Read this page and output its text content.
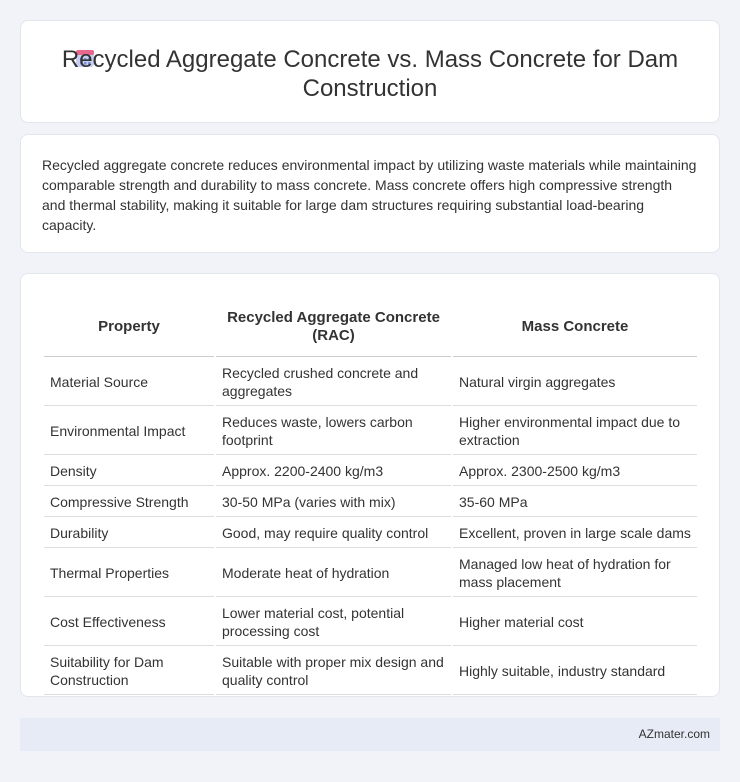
Recycled Aggregate Concrete vs. Mass Concrete for Dam Construction

Recycled aggregate concrete reduces environmental impact by utilizing waste materials while maintaining comparable strength and durability to mass concrete. Mass concrete offers high compressive strength and thermal stability, making it suitable for large dam structures requiring substantial load-bearing capacity.

Property	Recycled Aggregate Concrete (RAC)	Mass Concrete
Material Source	Recycled crushed concrete and aggregates	Natural virgin aggregates
Environmental Impact	Reduces waste, lowers carbon footprint	Higher environmental impact due to extraction
Density	Approx. 2200-2400 kg/m3	Approx. 2300-2500 kg/m3
Compressive Strength	30-50 MPa (varies with mix)	35-60 MPa
Durability	Good, may require quality control	Excellent, proven in large scale dams
Thermal Properties	Moderate heat of hydration	Managed low heat of hydration for mass placement
Cost Effectiveness	Lower material cost, potential processing cost	Higher material cost
Suitability for Dam Construction	Suitable with proper mix design and quality control	Highly suitable, industry standard
AZmater.com
